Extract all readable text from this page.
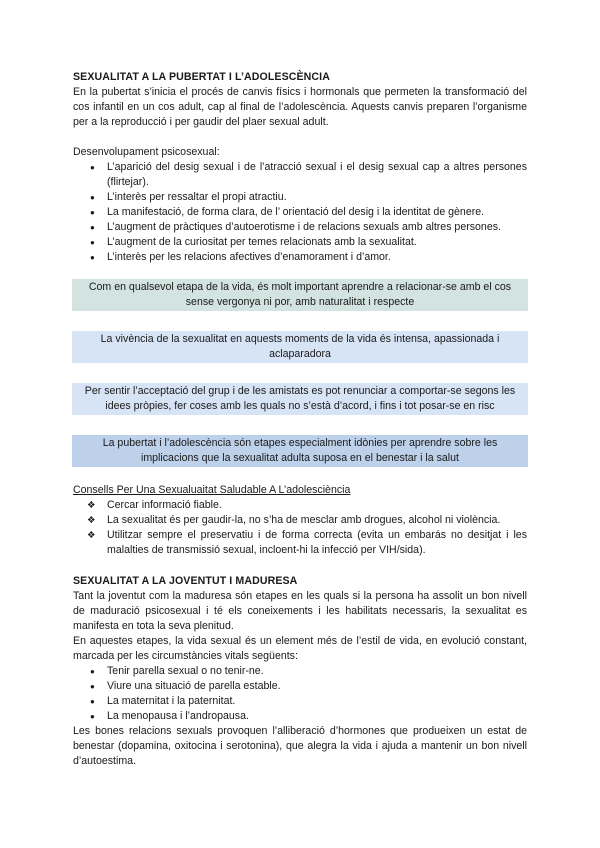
SEXUALITAT A LA PUBERTAT I L’ADOLESCÈNCIA

En la pubertat s’inicia el procés de canvis físics i hormonals que permeten la transformació del cos infantil en un cos adult, cap al final de l’adolescència. Aquests canvis preparen l’organisme per a la reproducció i per gaudir del plaer sexual adult.

Desenvolupament psicosexual:

● L’aparició del desig sexual i de l’atracció sexual i el desig sexual cap a altres persones (flirtejar).
● L’interès per ressaltar el propi atractiu.
● La manifestació, de forma clara, de l’ orientació del desig i la identitat de gènere.
● L’augment de pràctiques d’autoerotisme i de relacions sexuals amb altres persones.
● L’augment de la curiositat per temes relacionats amb la sexualitat.
● L’interès per les relacions afectives d’enamorament i d’amor.
Com en qualsevol etapa de la vida, és molt important aprendre a relacionar-se amb el cos sense vergonya ni por, amb naturalitat i respecte
La vivència de la sexualitat en aquests moments de la vida és intensa, apassionada i aclaparadora
Per sentir l’acceptació del grup i de les amistats es pot renunciar a comportar-se segons les idees pròpies, fer coses amb les quals no s’està d’acord, i fins i tot posar-se en risc
La pubertat i l’adolescència són etapes especialment idònies per aprendre sobre les implicacions que la sexualitat adulta suposa en el benestar i la salut

Consells Per Una Sexualuaitat Saludable A L’adolesciència

❖ Cercar informació fiable.
❖ La sexualitat és per gaudir-la, no s’ha de mesclar amb drogues, alcohol ni violència.
❖ Utilitzar sempre el preservatiu i de forma correcta (evita un embarás no desitjat i les malalties de transmissió sexual, incloent-hi la infecció per VIH/sida).

SEXUALITAT A LA JOVENTUT I MADURESA

Tant la joventut com la maduresa són etapes en les quals si la persona ha assolit un bon nivell de maduració psicosexual i té els coneixements i les habilitats necessaris, la sexualitat es manifesta en tota la seva plenitud.

En aquestes etapes, la vida sexual és un element més de l’estil de vida, en evolució constant, marcada per les circumstàncies vitals següents:

● Tenir parella sexual o no tenir-ne.
● Viure una situació de parella estable.
● La maternitat i la paternitat.
● La menopausa i l’andropausa.

Les bones relacions sexuals provoquen l’alliberació d’hormones que produeixen un estat de benestar (dopamina, oxitocina i serotonina), que alegra la vida i ajuda a mantenir un bon nivell d’autoestima.
